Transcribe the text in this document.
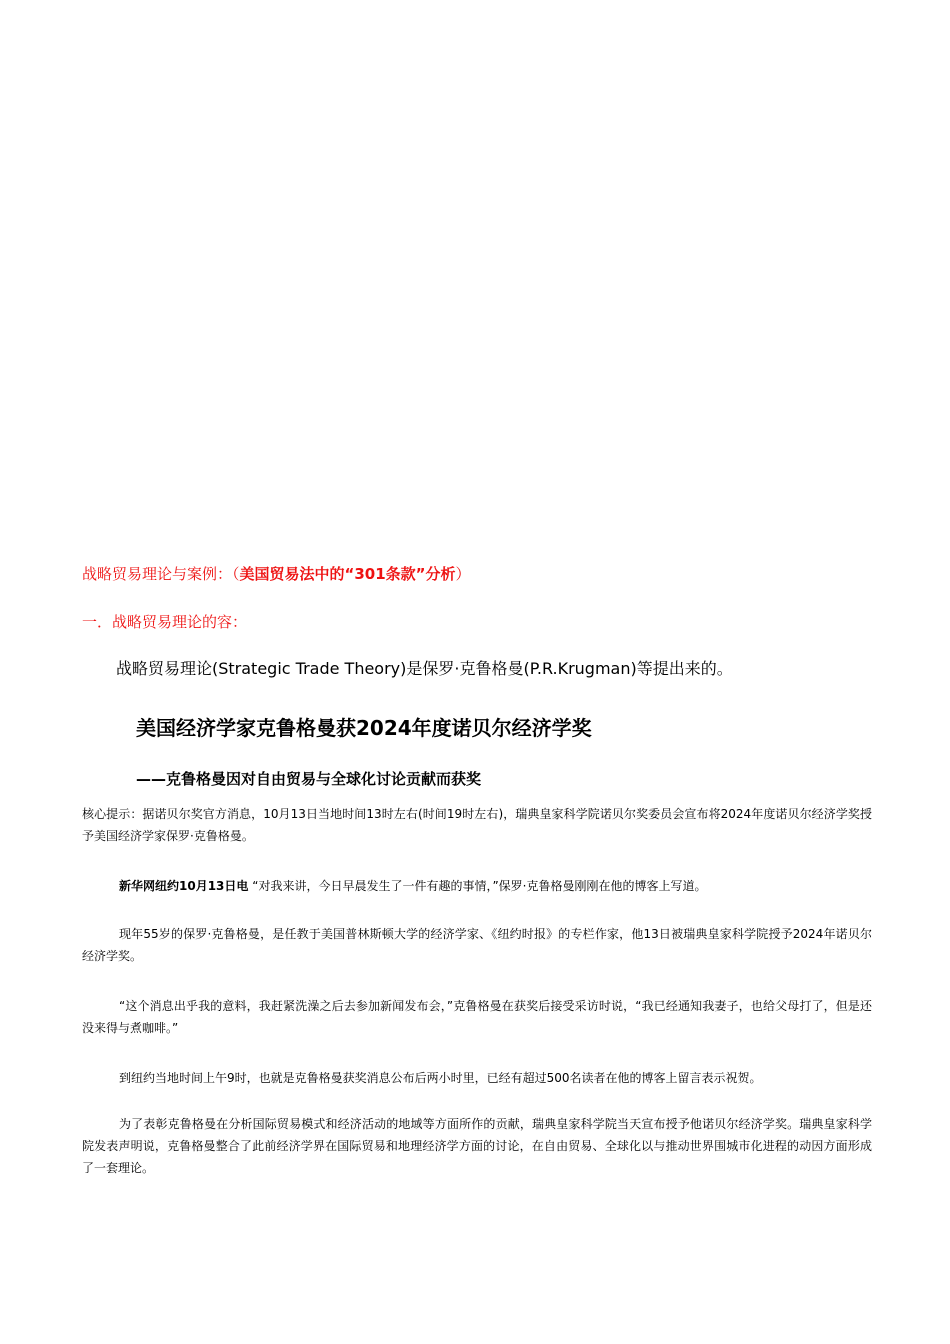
战略贸易理论与案例：（美国贸易法中的“301条款”分析）
一．战略贸易理论的容：
战略贸易理论(Strategic Trade Theory)是保罗·克鲁格曼(P.R.Krugman)等提出来的。
美国经济学家克鲁格曼获2024年度诺贝尔经济学奖
——克鲁格曼因对自由贸易与全球化讨论贡献而获奖
核心提示：据诺贝尔奖官方消息，10月13日当地时间13时左右(时间19时左右)，瑞典皇家科学院诺贝尔奖委员会宣布将2024年度诺贝尔经济学奖授予美国经济学家保罗·克鲁格曼。
新华网纽约10月13日电 “对我来讲，今日早晨发生了一件有趣的事情，”保罗·克鲁格曼刚刚在他的博客上写道。
现年55岁的保罗·克鲁格曼，是任教于美国普林斯顿大学的经济学家、《纽约时报》的专栏作家，他13日被瑞典皇家科学院授予2024年诺贝尔经济学奖。
“这个消息出乎我的意料，我赶紧洗澡之后去参加新闻发布会，”克鲁格曼在获奖后接受采访时说，“我已经通知我妻子，也给父母打了，但是还没来得与煮咖啡。”
到纽约当地时间上午9时，也就是克鲁格曼获奖消息公布后两小时里，已经有超过500名读者在他的博客上留言表示祝贺。
为了表彰克鲁格曼在分析国际贸易模式和经济活动的地域等方面所作的贡献，瑞典皇家科学院当天宣布授予他诺贝尔经济学奖。瑞典皇家科学院发表声明说，克鲁格曼整合了此前经济学界在国际贸易和地理经济学方面的讨论，在自由贸易、全球化以与推动世界围城市化进程的动因方面形成了一套理论。
